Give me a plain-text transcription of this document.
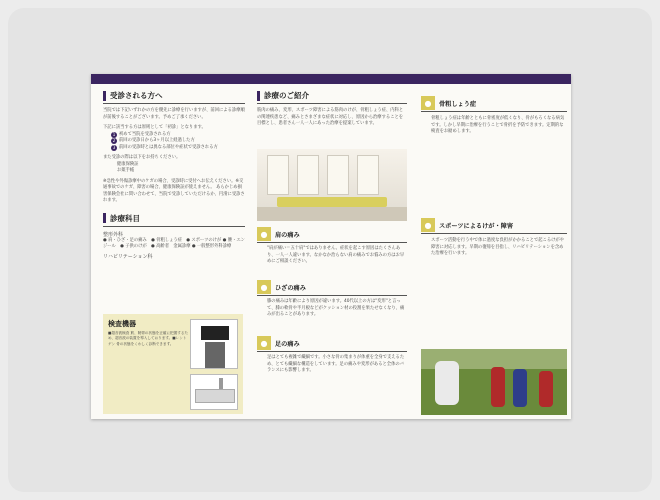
受診される方へ
当院では下記いずれかの方を優先に診療を行いますが、前回による診療順が前後することがございます。予めご了承ください。
下記に該当する方は原則として「初診」となります。
1 初めて当院を受診される方
2 前回の受診日から3ヶ月以上経過した方
3 前回の受診時とは異なる部位や症状で受診される方
また受診の際は以下をお持ちください。
健康保険証
お薬手帳
※急性や外傷診療中のケガの場合、受診時に受付へお伝えください。※交通事故でのケガ、障害の場合、健康保険証が使えません。 あらかじめ損害保険会社に問い合わせて、当院で受診していただけるか、円滑に受診されます。
診療科目
整形外科
● 肩・ひざ・足の痛み　● 骨粗しょう症　● スポーツのけが ● 腰・エンジール　● 子供のけが　● 高齢者　金属診療 ● 一般整形外科診療
リハビリテーション科
検査機器
■超音波検査 筋、靭帯の状態を正確に把握するため、超音波の装置を導入しております。■レントゲン 骨の状態をくわしく診断できます。
診療のご紹介
筋肉の痛み、変形、スポーツ障害による筋肉のけが、骨粗しょう症、内科との関連疾患など、痛みとさまざまな症状に対応し、原因から治療することを目標とし、患者さん一人一人にあった治療を提案しています。
● 肩の痛み
"肩が痛い＝五十肩"ではありません。症状を起こす原因はたくさんあり、一人一人違います。なかなか治らない肩の痛みでお悩みの方はお早めにご相談ください。
● ひざの痛み
膝の痛みは年齢により原因が違います。40代以上の方は"変形"と言って、膝の軟骨や半月板などがクッション材の役割を果たせなくなり、痛みが出ることがあります。
● 足の痛み
足はとても複雑で繊細です。小さな骨の集まりが体重を全身で支えるため、とても繊細な構造をしています。足の痛みや変形があると全体のバランスにも影響します。
● 骨粗しょう症
骨粗しょう症は年齢とともに骨密度が低くなり、骨がもろくなる病気です。しかし早期に治療を行うことで骨折を予防できます。定期的な検査をお勧めします。
● スポーツによるけが・障害
スポーツ活動を行う中で体に過度な負担がかかることで起こるけがや障害に対応します。早期の復帰を目指し、リハビリテーションを含めた治療を行います。
